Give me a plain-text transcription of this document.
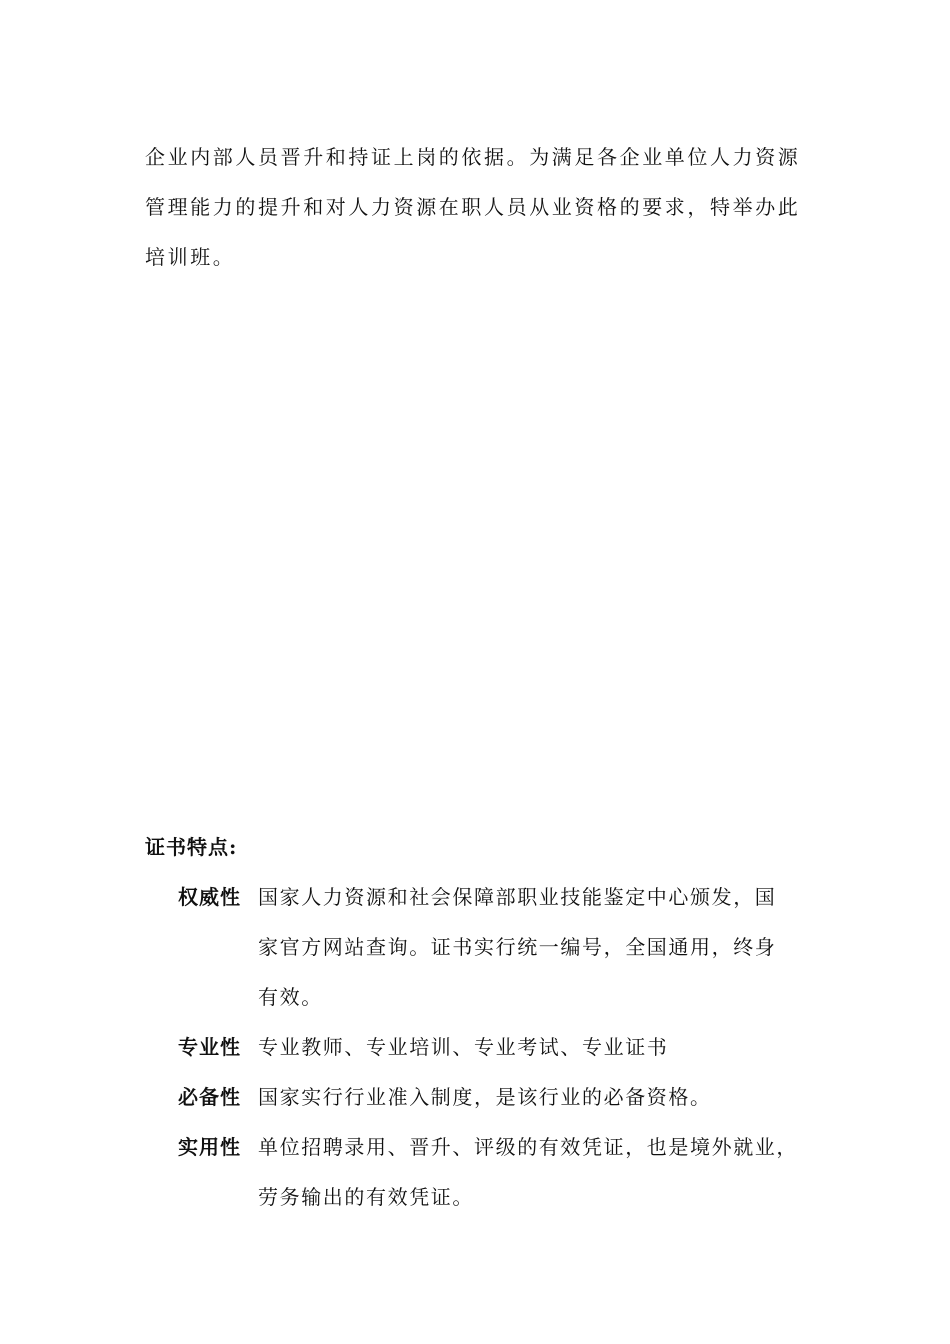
企业内部人员晋升和持证上岗的依据。为满足各企业单位人力资源
管理能力的提升和对人力资源在职人员从业资格的要求，特举办此
培训班。
证书特点:
权威性 国家人力资源和社会保障部职业技能鉴定中心颁发，国
家官方网站查询。证书实行统一编号，全国通用，终身
有效。
专业性 专业教师、专业培训、专业考试、专业证书
必备性 国家实行行业准入制度，是该行业的必备资格。
实用性 单位招聘录用、晋升、评级的有效凭证，也是境外就业，
劳务输出的有效凭证。
